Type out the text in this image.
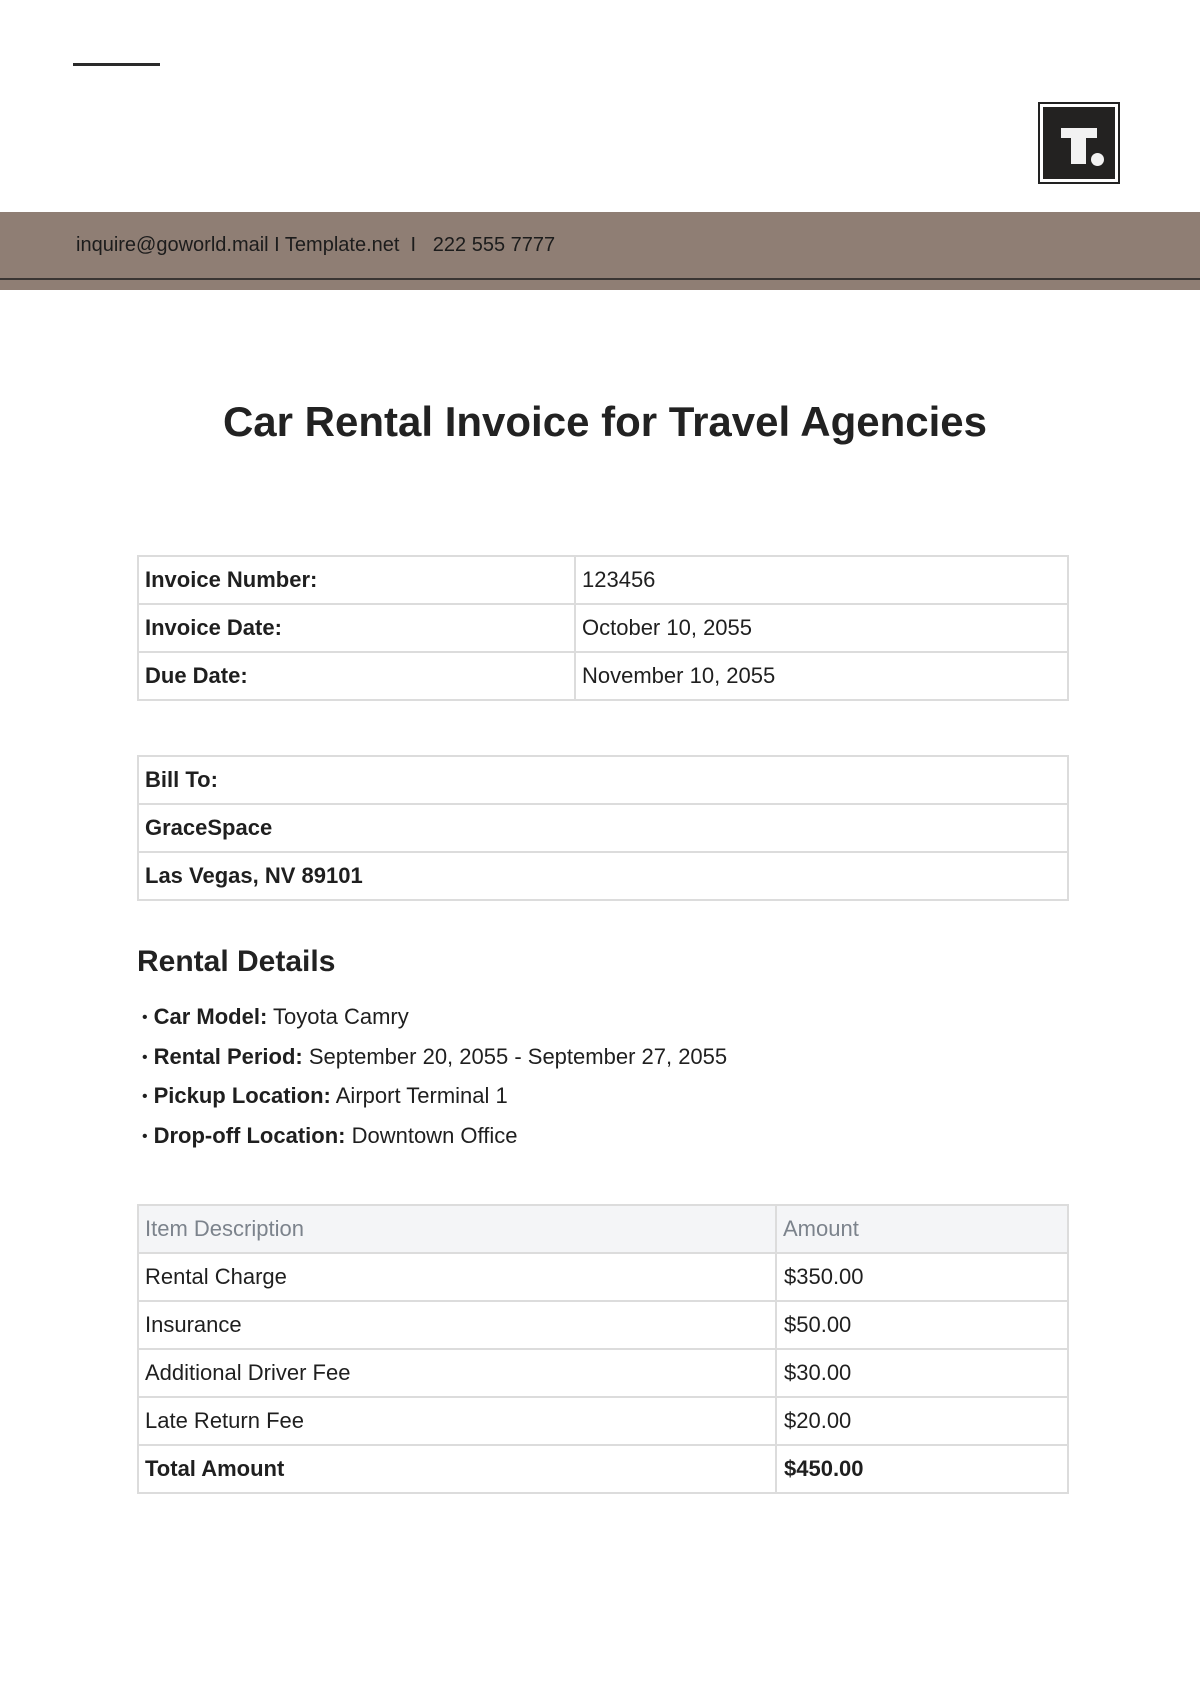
inquire@goworld.mail I Template.net  I   222 555 7777
Car Rental Invoice for Travel Agencies
Invoice Number:	123456
Invoice Date:	October 10, 2055
Due Date:	November 10, 2055
Bill To:
GraceSpace
Las Vegas, NV 89101
Rental Details
• Car Model: Toyota Camry
• Rental Period: September 20, 2055 - September 27, 2055
• Pickup Location: Airport Terminal 1
• Drop-off Location: Downtown Office
Item Description	Amount
Rental Charge	$350.00
Insurance	$50.00
Additional Driver Fee	$30.00
Late Return Fee	$20.00
Total Amount	$450.00
